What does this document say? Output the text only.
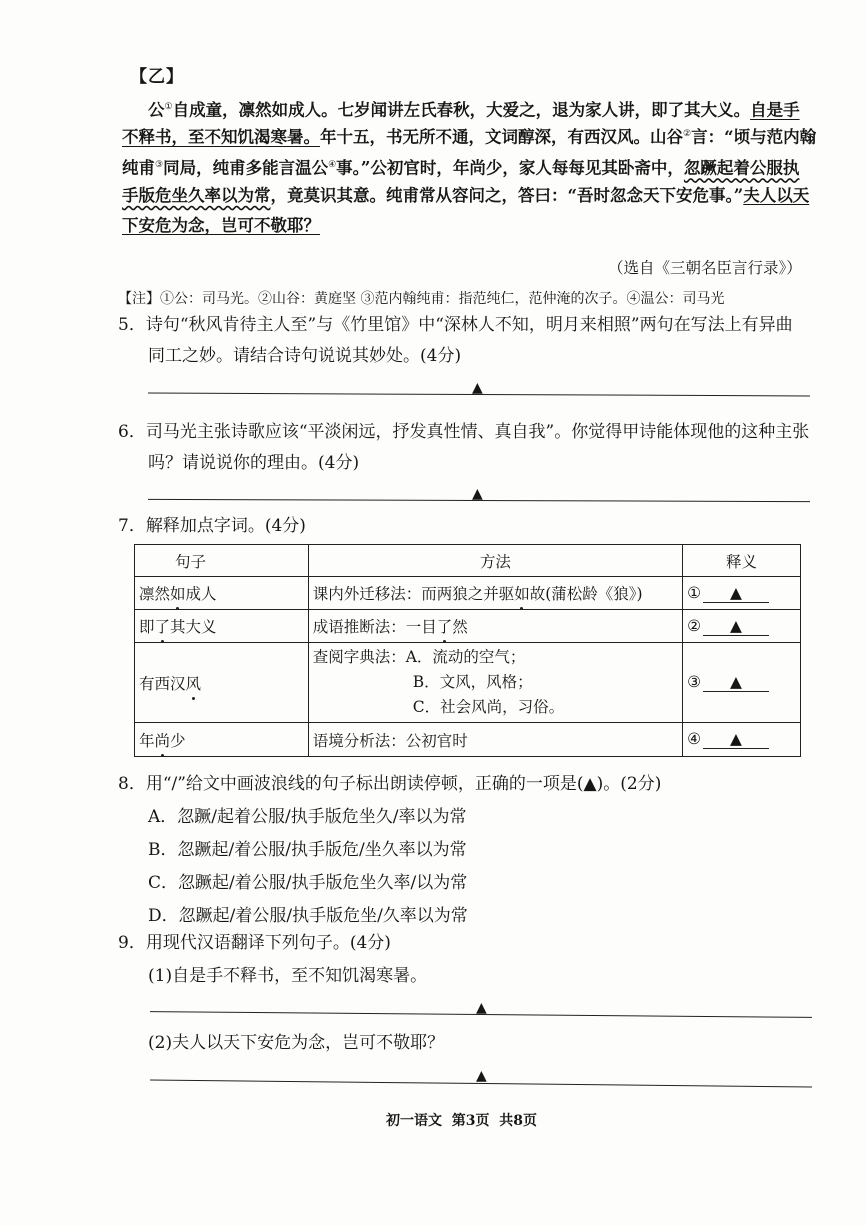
【乙】
公①自成童，凛然如成人。七岁闻讲左氏春秋，大爱之，退为家人讲，即了其大义。自是手
不释书，至不知饥渴寒暑。年十五，书无所不通，文词醇深，有西汉风。山谷②言：“顷与范内翰
纯甫③同局，纯甫多能言温公④事。”公初官时，年尚少，家人每每见其卧斋中，忽蹶起着公服执
手版危坐久率以为常，竟莫识其意。纯甫常从容问之，答曰：“吾时忽念天下安危事。”夫人以天
下安危为念，岂可不敬耶？
（选自《三朝名臣言行录》）
【注】①公：司马光。②山谷：黄庭坚 ③范内翰纯甫：指范纯仁，范仲淹的次子。④温公：司马光
5．诗句“秋风肯待主人至”与《竹里馆》中“深林人不知，明月来相照”两句在写法上有异曲
同工之妙。请结合诗句说说其妙处。(4分)
▲
6．司马光主张诗歌应该“平淡闲远，抒发真性情、真自我”。你觉得甲诗能体现他的这种主张
吗？请说说你的理由。(4分)
▲
7．解释加点字词。(4分)
句子	方法	释义
凛然如成人	课内外迁移法：而两狼之并驱如故(蒲松龄《狼》)	① ▲
即了其大义	成语推断法：一目了然	② ▲
有西汉风	查阅字典法：A．流动的空气；
B．文风，风格；
C．社会风尚，习俗。	③ ▲
年尚少	语境分析法：公初官时	④ ▲
8．用“/”给文中画波浪线的句子标出朗读停顿，正确的一项是(▲)。(2分)
A．忽蹶/起着公服/执手版危坐久/率以为常
B．忽蹶起/着公服/执手版危/坐久率以为常
C．忽蹶起/着公服/执手版危坐久率/以为常
D．忽蹶起/着公服/执手版危坐/久率以为常
9．用现代汉语翻译下列句子。(4分)
(1)自是手不释书，至不知饥渴寒暑。
▲
(2)夫人以天下安危为念，岂可不敬耶？
▲
初一语文  第3页  共8页
